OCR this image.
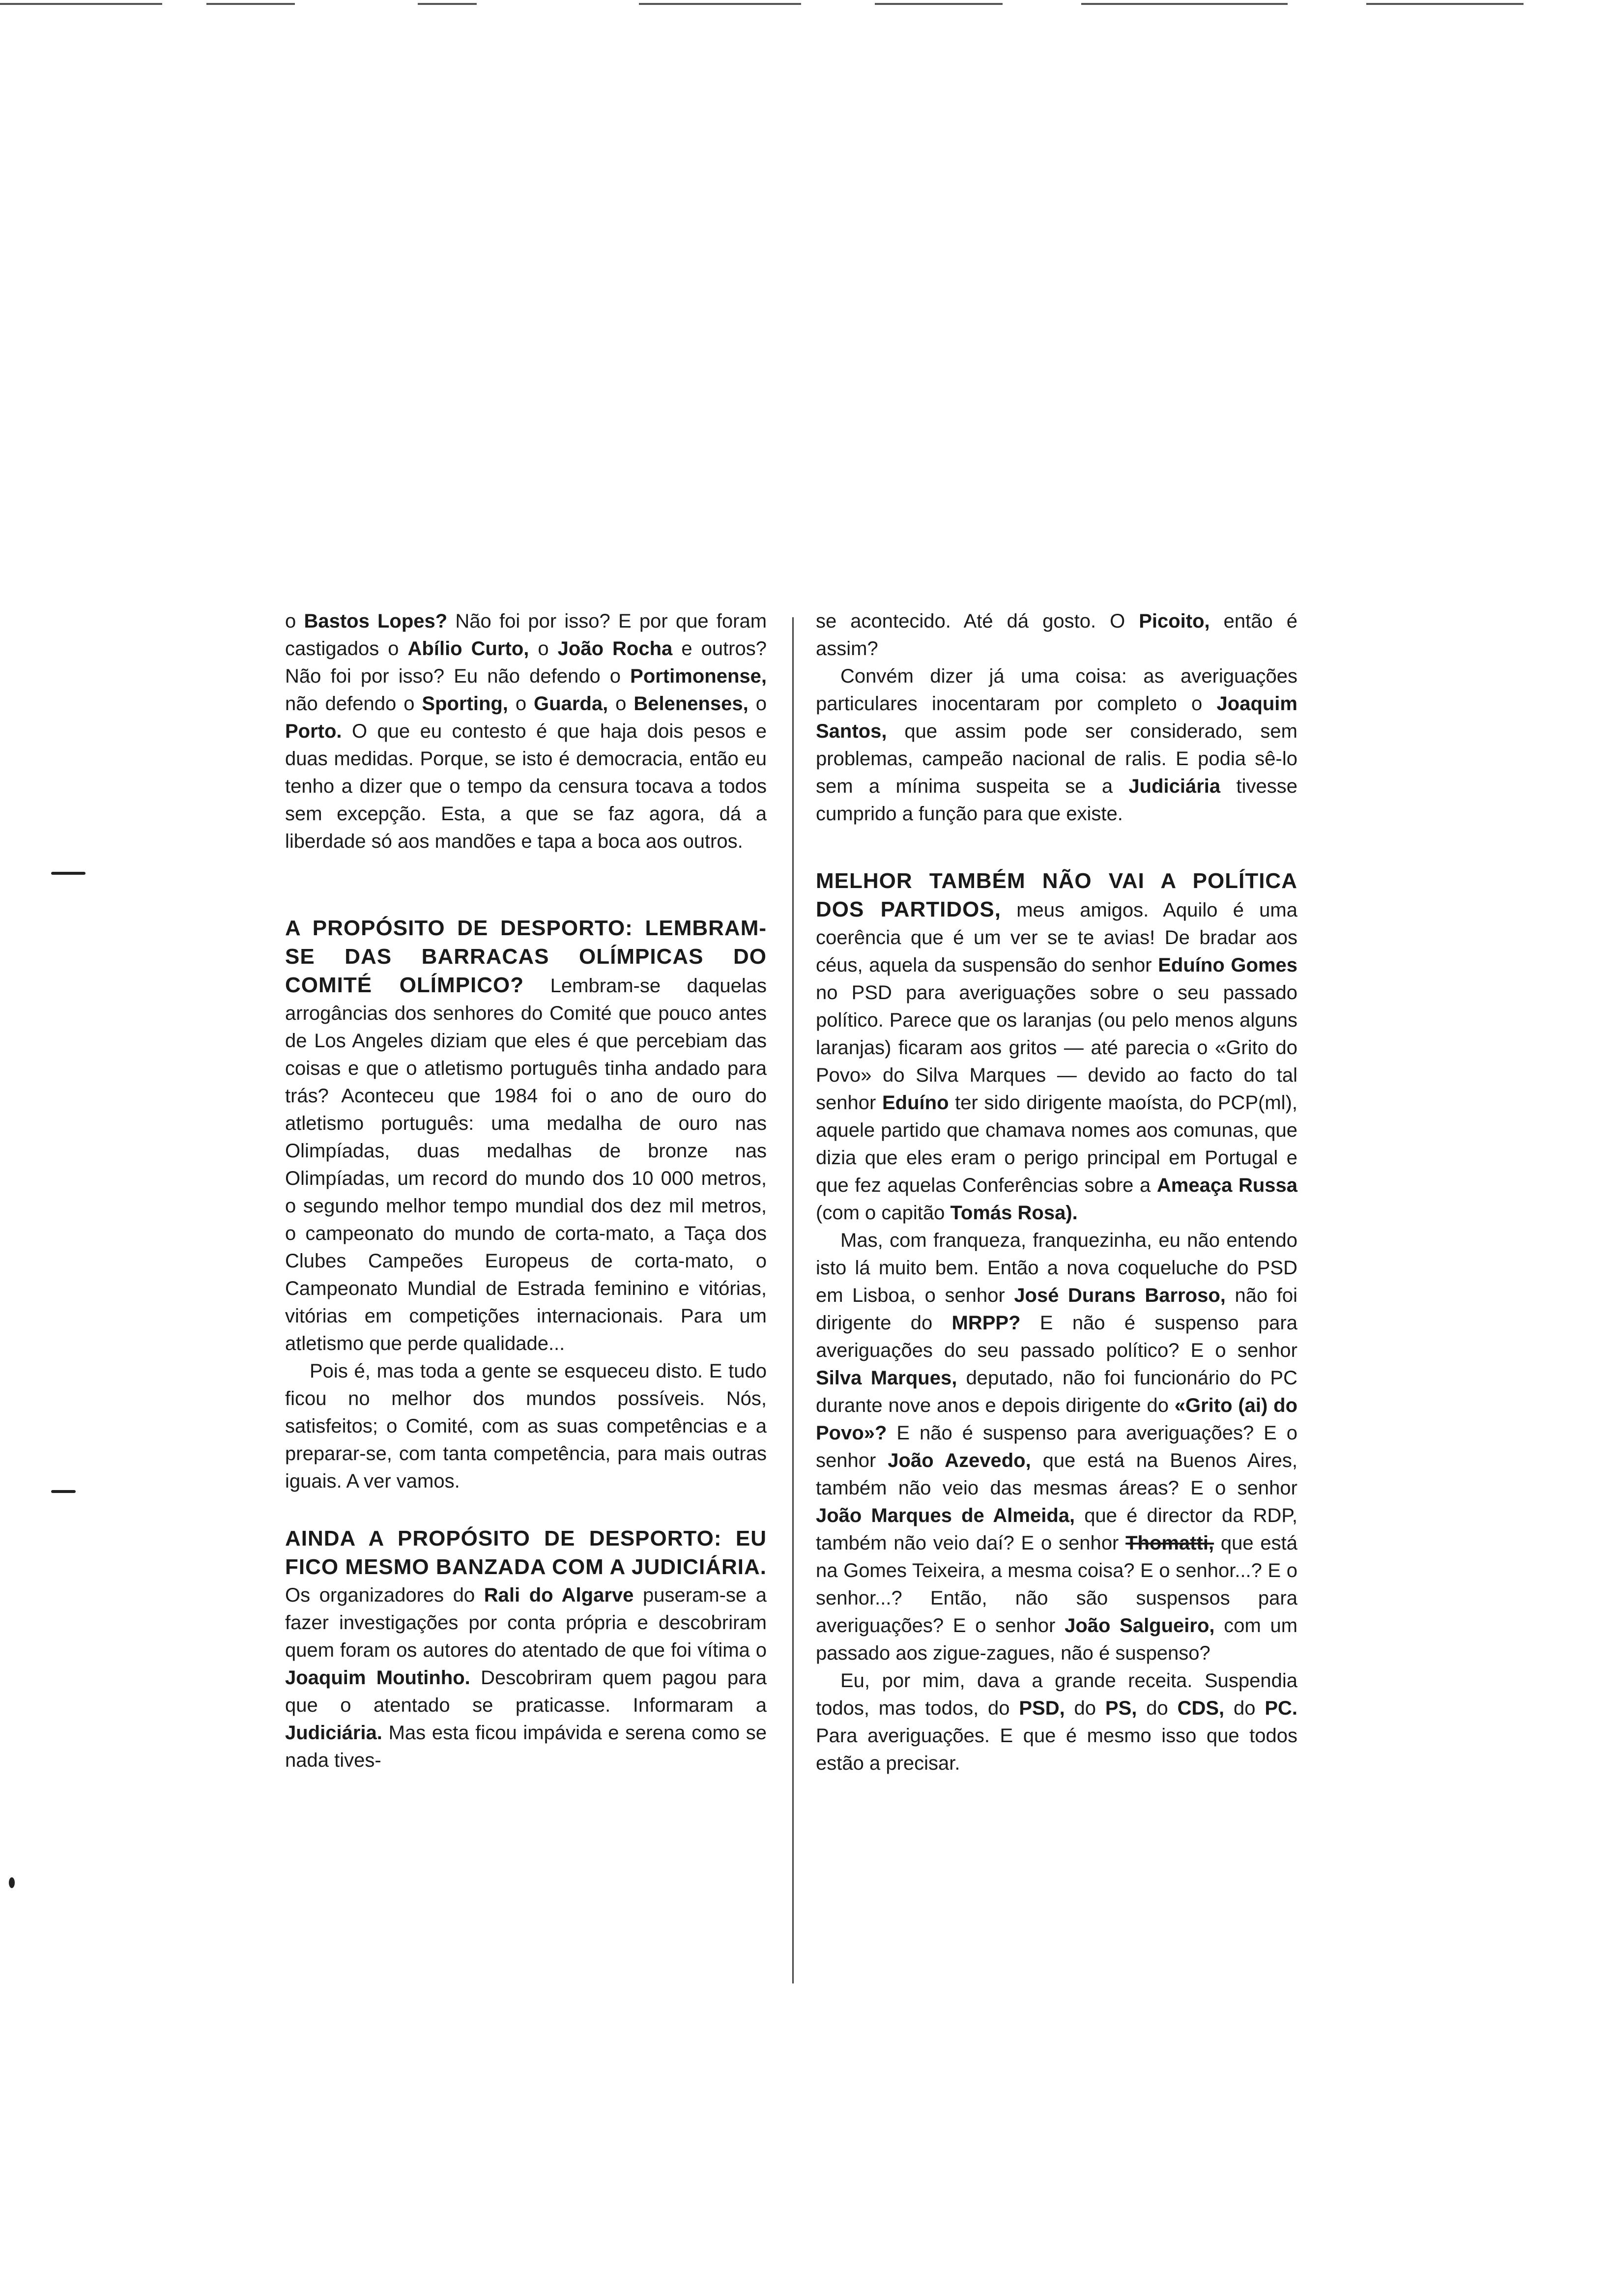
o Bastos Lopes? Não foi por isso? E por que foram castigados o Abílio Curto, o João Rocha e outros? Não foi por isso? Eu não defendo o Portimonense, não defendo o Sporting, o Guarda, o Belenenses, o Porto. O que eu contesto é que haja dois pesos e duas medidas. Porque, se isto é democracia, então eu tenho a dizer que o tempo da censura tocava a todos sem excepção. Esta, a que se faz agora, dá a liberdade só aos mandões e tapa a boca aos outros.

A PROPÓSITO DE DESPORTO: LEMBRAM-SE DAS BARRACAS OLÍMPICAS DO COMITÉ OLÍMPICO? Lembram-se daquelas arrogâncias dos senhores do Comité que pouco antes de Los Angeles diziam que eles é que percebiam das coisas e que o atletismo português tinha andado para trás? Aconteceu que 1984 foi o ano de ouro do atletismo português: uma medalha de ouro nas Olimpíadas, duas medalhas de bronze nas Olimpíadas, um record do mundo dos 10 000 metros, o segundo melhor tempo mundial dos dez mil metros, o campeonato do mundo de corta-mato, a Taça dos Clubes Campeões Europeus de corta-mato, o Campeonato Mundial de Estrada feminino e vitórias, vitórias em competições internacionais. Para um atletismo que perde qualidade...

Pois é, mas toda a gente se esqueceu disto. E tudo ficou no melhor dos mundos possíveis. Nós, satisfeitos; o Comité, com as suas competências e a preparar-se, com tanta competência, para mais outras iguais. A ver vamos.

AINDA A PROPÓSITO DE DESPORTO: EU FICO MESMO BANZADA COM A JUDICIÁRIA. Os organizadores do Rali do Algarve puseram-se a fazer investigações por conta própria e descobriram quem foram os autores do atentado de que foi vítima o Joaquim Moutinho. Descobriram quem pagou para que o atentado se praticasse. Informaram a Judiciária. Mas esta ficou impávida e serena como se nada tives-

se acontecido. Até dá gosto. O Picoito, então é assim?

Convém dizer já uma coisa: as averiguações particulares inocentaram por completo o Joaquim Santos, que assim pode ser considerado, sem problemas, campeão nacional de ralis. E podia sê-lo sem a mínima suspeita se a Judiciária tivesse cumprido a função para que existe.

MELHOR TAMBÉM NÃO VAI A POLÍTICA DOS PARTIDOS, meus amigos. Aquilo é uma coerência que é um ver se te avias! De bradar aos céus, aquela da suspensão do senhor Eduíno Gomes no PSD para averiguações sobre o seu passado político. Parece que os laranjas (ou pelo menos alguns laranjas) ficaram aos gritos — até parecia o «Grito do Povo» do Silva Marques — devido ao facto do tal senhor Eduíno ter sido dirigente maoísta, do PCP(ml), aquele partido que chamava nomes aos comunas, que dizia que eles eram o perigo principal em Portugal e que fez aquelas Conferências sobre a Ameaça Russa (com o capitão Tomás Rosa).

Mas, com franqueza, franquezinha, eu não entendo isto lá muito bem. Então a nova coqueluche do PSD em Lisboa, o senhor José Durans Barroso, não foi dirigente do MRPP? E não é suspenso para averiguações do seu passado político? E o senhor Silva Marques, deputado, não foi funcionário do PC durante nove anos e depois dirigente do «Grito (ai) do Povo»? E não é suspenso para averiguações? E o senhor João Azevedo, que está na Buenos Aires, também não veio das mesmas áreas? E o senhor João Marques de Almeida, que é director da RDP, também não veio daí? E o senhor Thomatti, que está na Gomes Teixeira, a mesma coisa? E o senhor...? E o senhor...? Então, não são suspensos para averiguações? E o senhor João Salgueiro, com um passado aos zigue-zagues, não é suspenso?

Eu, por mim, dava a grande receita. Suspendia todos, mas todos, do PSD, do PS, do CDS, do PC. Para averiguações. E que é mesmo isso que todos estão a precisar.
